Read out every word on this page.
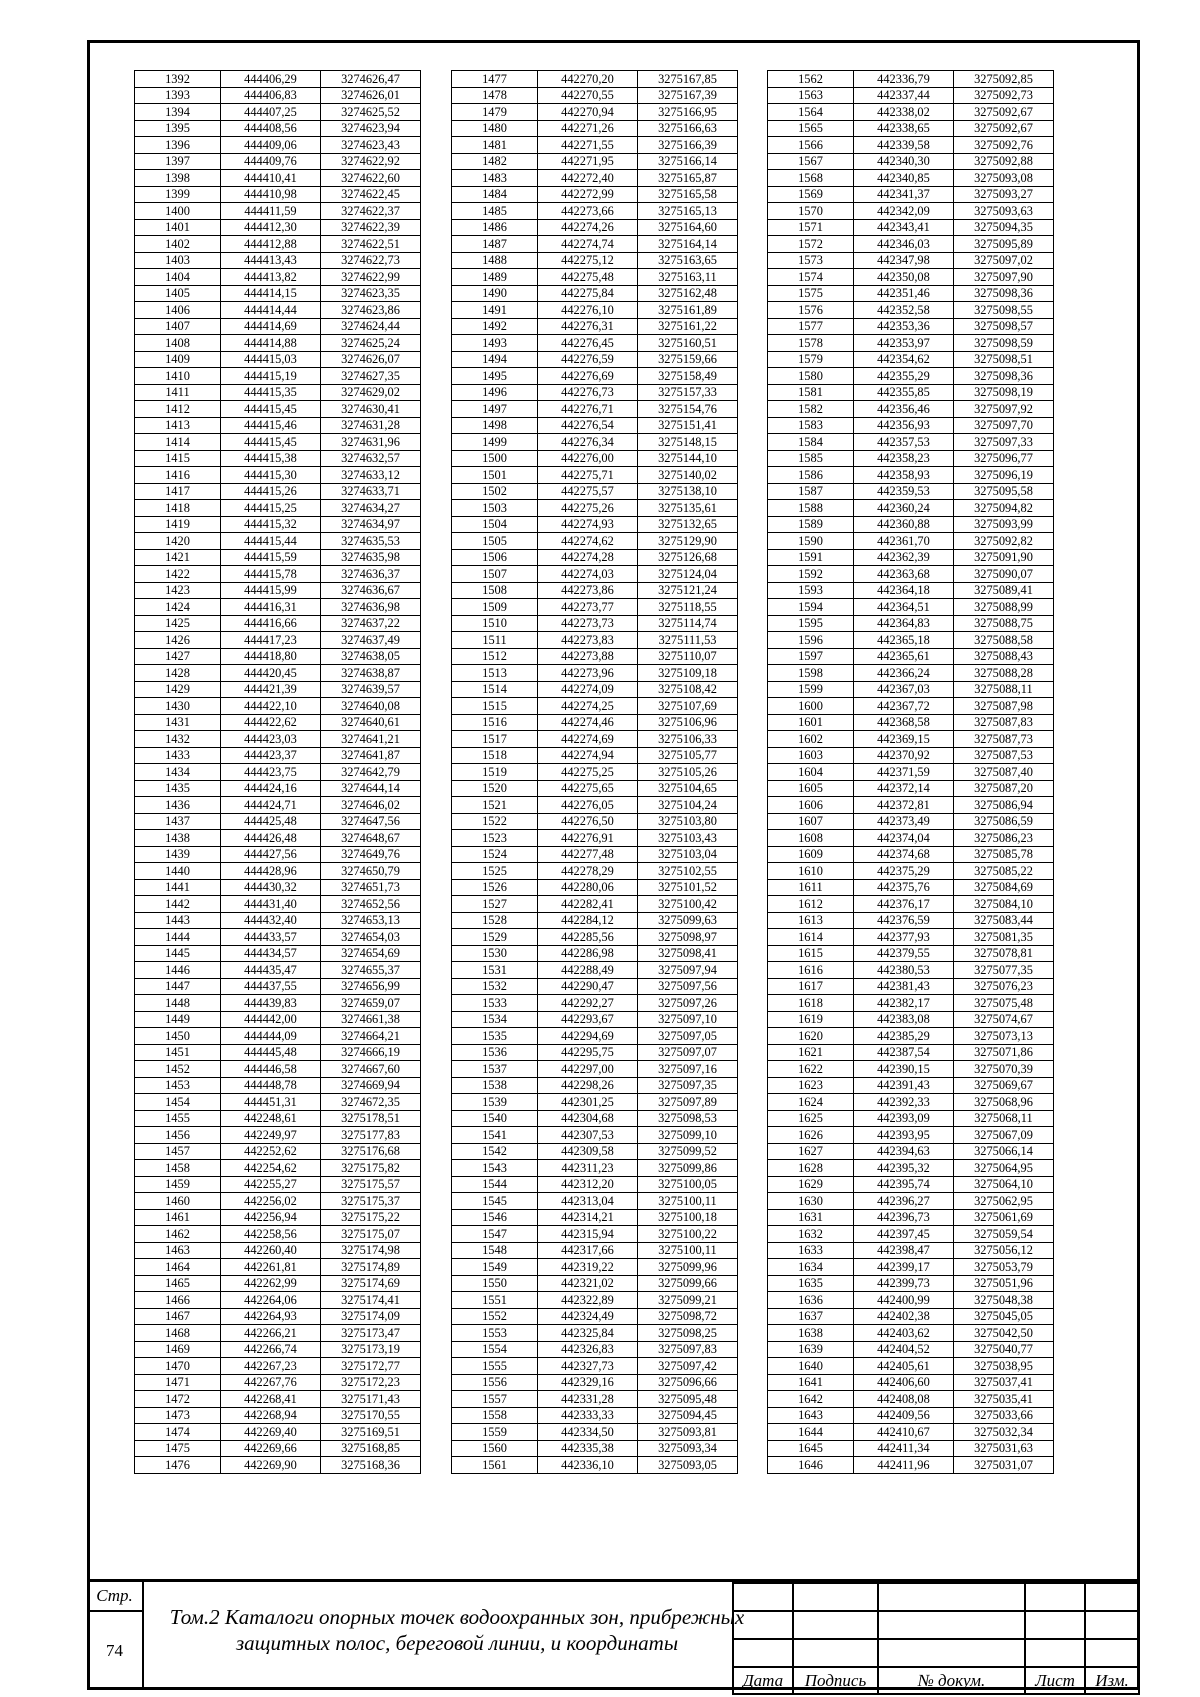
1392	444406,29	3274626,47
1393	444406,83	3274626,01
1394	444407,25	3274625,52
1395	444408,56	3274623,94
1396	444409,06	3274623,43
1397	444409,76	3274622,92
1398	444410,41	3274622,60
1399	444410,98	3274622,45
1400	444411,59	3274622,37
1401	444412,30	3274622,39
1402	444412,88	3274622,51
1403	444413,43	3274622,73
1404	444413,82	3274622,99
1405	444414,15	3274623,35
1406	444414,44	3274623,86
1407	444414,69	3274624,44
1408	444414,88	3274625,24
1409	444415,03	3274626,07
1410	444415,19	3274627,35
1411	444415,35	3274629,02
1412	444415,45	3274630,41
1413	444415,46	3274631,28
1414	444415,45	3274631,96
1415	444415,38	3274632,57
1416	444415,30	3274633,12
1417	444415,26	3274633,71
1418	444415,25	3274634,27
1419	444415,32	3274634,97
1420	444415,44	3274635,53
1421	444415,59	3274635,98
1422	444415,78	3274636,37
1423	444415,99	3274636,67
1424	444416,31	3274636,98
1425	444416,66	3274637,22
1426	444417,23	3274637,49
1427	444418,80	3274638,05
1428	444420,45	3274638,87
1429	444421,39	3274639,57
1430	444422,10	3274640,08
1431	444422,62	3274640,61
1432	444423,03	3274641,21
1433	444423,37	3274641,87
1434	444423,75	3274642,79
1435	444424,16	3274644,14
1436	444424,71	3274646,02
1437	444425,48	3274647,56
1438	444426,48	3274648,67
1439	444427,56	3274649,76
1440	444428,96	3274650,79
1441	444430,32	3274651,73
1442	444431,40	3274652,56
1443	444432,40	3274653,13
1444	444433,57	3274654,03
1445	444434,57	3274654,69
1446	444435,47	3274655,37
1447	444437,55	3274656,99
1448	444439,83	3274659,07
1449	444442,00	3274661,38
1450	444444,09	3274664,21
1451	444445,48	3274666,19
1452	444446,58	3274667,60
1453	444448,78	3274669,94
1454	444451,31	3274672,35
1455	442248,61	3275178,51
1456	442249,97	3275177,83
1457	442252,62	3275176,68
1458	442254,62	3275175,82
1459	442255,27	3275175,57
1460	442256,02	3275175,37
1461	442256,94	3275175,22
1462	442258,56	3275175,07
1463	442260,40	3275174,98
1464	442261,81	3275174,89
1465	442262,99	3275174,69
1466	442264,06	3275174,41
1467	442264,93	3275174,09
1468	442266,21	3275173,47
1469	442266,74	3275173,19
1470	442267,23	3275172,77
1471	442267,76	3275172,23
1472	442268,41	3275171,43
1473	442268,94	3275170,55
1474	442269,40	3275169,51
1475	442269,66	3275168,85
1476	442269,90	3275168,36
1477	442270,20	3275167,85
1478	442270,55	3275167,39
1479	442270,94	3275166,95
1480	442271,26	3275166,63
1481	442271,55	3275166,39
1482	442271,95	3275166,14
1483	442272,40	3275165,87
1484	442272,99	3275165,58
1485	442273,66	3275165,13
1486	442274,26	3275164,60
1487	442274,74	3275164,14
1488	442275,12	3275163,65
1489	442275,48	3275163,11
1490	442275,84	3275162,48
1491	442276,10	3275161,89
1492	442276,31	3275161,22
1493	442276,45	3275160,51
1494	442276,59	3275159,66
1495	442276,69	3275158,49
1496	442276,73	3275157,33
1497	442276,71	3275154,76
1498	442276,54	3275151,41
1499	442276,34	3275148,15
1500	442276,00	3275144,10
1501	442275,71	3275140,02
1502	442275,57	3275138,10
1503	442275,26	3275135,61
1504	442274,93	3275132,65
1505	442274,62	3275129,90
1506	442274,28	3275126,68
1507	442274,03	3275124,04
1508	442273,86	3275121,24
1509	442273,77	3275118,55
1510	442273,73	3275114,74
1511	442273,83	3275111,53
1512	442273,88	3275110,07
1513	442273,96	3275109,18
1514	442274,09	3275108,42
1515	442274,25	3275107,69
1516	442274,46	3275106,96
1517	442274,69	3275106,33
1518	442274,94	3275105,77
1519	442275,25	3275105,26
1520	442275,65	3275104,65
1521	442276,05	3275104,24
1522	442276,50	3275103,80
1523	442276,91	3275103,43
1524	442277,48	3275103,04
1525	442278,29	3275102,55
1526	442280,06	3275101,52
1527	442282,41	3275100,42
1528	442284,12	3275099,63
1529	442285,56	3275098,97
1530	442286,98	3275098,41
1531	442288,49	3275097,94
1532	442290,47	3275097,56
1533	442292,27	3275097,26
1534	442293,67	3275097,10
1535	442294,69	3275097,05
1536	442295,75	3275097,07
1537	442297,00	3275097,16
1538	442298,26	3275097,35
1539	442301,25	3275097,89
1540	442304,68	3275098,53
1541	442307,53	3275099,10
1542	442309,58	3275099,52
1543	442311,23	3275099,86
1544	442312,20	3275100,05
1545	442313,04	3275100,11
1546	442314,21	3275100,18
1547	442315,94	3275100,22
1548	442317,66	3275100,11
1549	442319,22	3275099,96
1550	442321,02	3275099,66
1551	442322,89	3275099,21
1552	442324,49	3275098,72
1553	442325,84	3275098,25
1554	442326,83	3275097,83
1555	442327,73	3275097,42
1556	442329,16	3275096,66
1557	442331,28	3275095,48
1558	442333,33	3275094,45
1559	442334,50	3275093,81
1560	442335,38	3275093,34
1561	442336,10	3275093,05
1562	442336,79	3275092,85
1563	442337,44	3275092,73
1564	442338,02	3275092,67
1565	442338,65	3275092,67
1566	442339,58	3275092,76
1567	442340,30	3275092,88
1568	442340,85	3275093,08
1569	442341,37	3275093,27
1570	442342,09	3275093,63
1571	442343,41	3275094,35
1572	442346,03	3275095,89
1573	442347,98	3275097,02
1574	442350,08	3275097,90
1575	442351,46	3275098,36
1576	442352,58	3275098,55
1577	442353,36	3275098,57
1578	442353,97	3275098,59
1579	442354,62	3275098,51
1580	442355,29	3275098,36
1581	442355,85	3275098,19
1582	442356,46	3275097,92
1583	442356,93	3275097,70
1584	442357,53	3275097,33
1585	442358,23	3275096,77
1586	442358,93	3275096,19
1587	442359,53	3275095,58
1588	442360,24	3275094,82
1589	442360,88	3275093,99
1590	442361,70	3275092,82
1591	442362,39	3275091,90
1592	442363,68	3275090,07
1593	442364,18	3275089,41
1594	442364,51	3275088,99
1595	442364,83	3275088,75
1596	442365,18	3275088,58
1597	442365,61	3275088,43
1598	442366,24	3275088,28
1599	442367,03	3275088,11
1600	442367,72	3275087,98
1601	442368,58	3275087,83
1602	442369,15	3275087,73
1603	442370,92	3275087,53
1604	442371,59	3275087,40
1605	442372,14	3275087,20
1606	442372,81	3275086,94
1607	442373,49	3275086,59
1608	442374,04	3275086,23
1609	442374,68	3275085,78
1610	442375,29	3275085,22
1611	442375,76	3275084,69
1612	442376,17	3275084,10
1613	442376,59	3275083,44
1614	442377,93	3275081,35
1615	442379,55	3275078,81
1616	442380,53	3275077,35
1617	442381,43	3275076,23
1618	442382,17	3275075,48
1619	442383,08	3275074,67
1620	442385,29	3275073,13
1621	442387,54	3275071,86
1622	442390,15	3275070,39
1623	442391,43	3275069,67
1624	442392,33	3275068,96
1625	442393,09	3275068,11
1626	442393,95	3275067,09
1627	442394,63	3275066,14
1628	442395,32	3275064,95
1629	442395,74	3275064,10
1630	442396,27	3275062,95
1631	442396,73	3275061,69
1632	442397,45	3275059,54
1633	442398,47	3275056,12
1634	442399,17	3275053,79
1635	442399,73	3275051,96
1636	442400,99	3275048,38
1637	442402,38	3275045,05
1638	442403,62	3275042,50
1639	442404,52	3275040,77
1640	442405,61	3275038,95
1641	442406,60	3275037,41
1642	442408,08	3275035,41
1643	442409,56	3275033,66
1644	442410,67	3275032,34
1645	442411,34	3275031,63
1646	442411,96	3275031,07
Стр.
74
Том.2 Каталоги опорных точек водоохранных зон, прибрежных защитных полос, береговой линии, и координаты

Дата	Подпись	№ докум.	Лист	Изм.
